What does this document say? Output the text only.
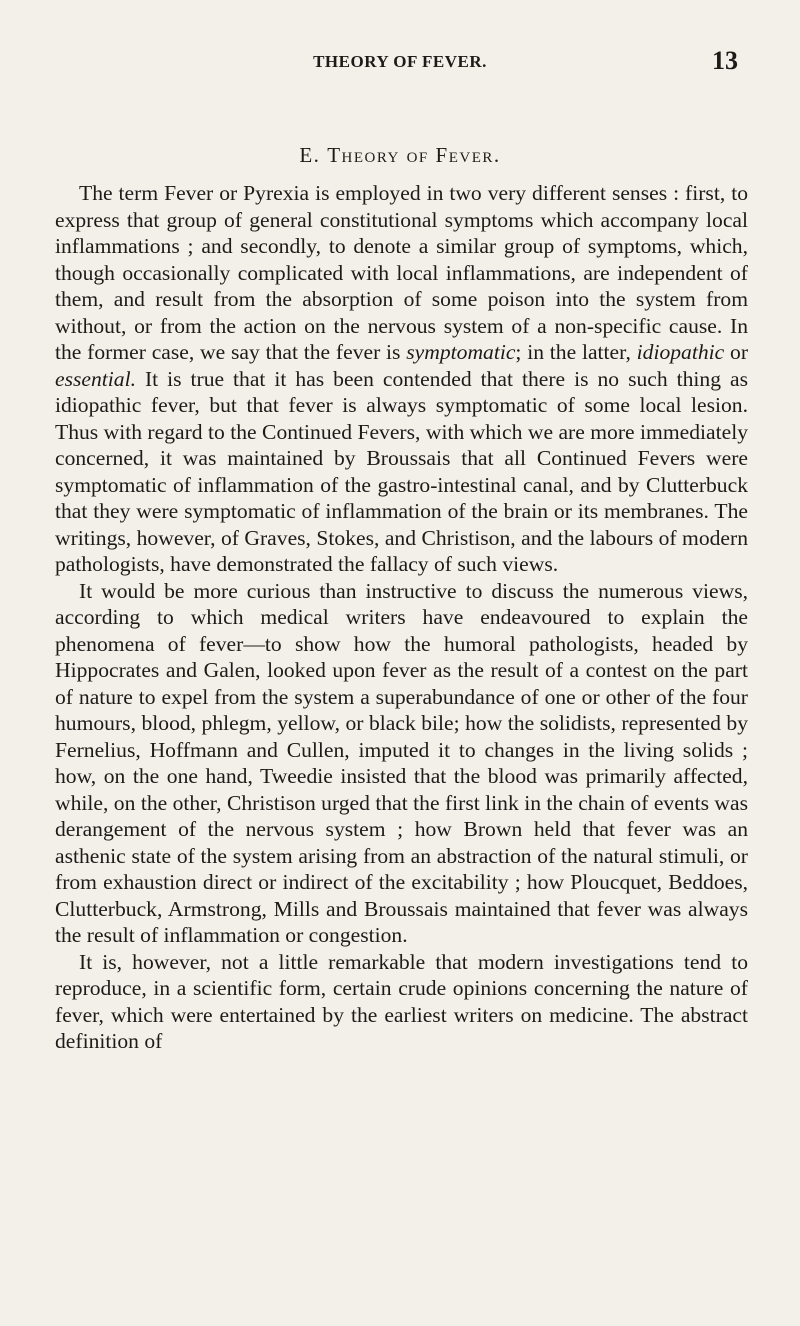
THEORY OF FEVER.	13
E. Theory of Fever.

The term Fever or Pyrexia is employed in two very different senses : first, to express that group of general constitutional symptoms which accompany local inflammations ; and secondly, to denote a similar group of symptoms, which, though occasionally complicated with local inflammations, are independent of them, and result from the absorption of some poison into the system from without, or from the action on the nervous system of a non-specific cause. In the former case, we say that the fever is symptomatic; in the latter, idiopathic or essential. It is true that it has been contended that there is no such thing as idiopathic fever, but that fever is always symptomatic of some local lesion. Thus with regard to the Continued Fevers, with which we are more immediately concerned, it was maintained by Broussais that all Continued Fevers were symptomatic of inflammation of the gastro-intestinal canal, and by Clutterbuck that they were symptomatic of inflammation of the brain or its membranes. The writings, however, of Graves, Stokes, and Christison, and the labours of modern pathologists, have demonstrated the fallacy of such views.

It would be more curious than instructive to discuss the numerous views, according to which medical writers have endeavoured to explain the phenomena of fever—to show how the humoral pathologists, headed by Hippocrates and Galen, looked upon fever as the result of a contest on the part of nature to expel from the system a superabundance of one or other of the four humours, blood, phlegm, yellow, or black bile; how the solidists, represented by Fernelius, Hoffmann and Cullen, imputed it to changes in the living solids ; how, on the one hand, Tweedie insisted that the blood was primarily affected, while, on the other, Christison urged that the first link in the chain of events was derangement of the nervous system ; how Brown held that fever was an asthenic state of the system arising from an abstraction of the natural stimuli, or from exhaustion direct or indirect of the excitability ; how Ploucquet, Beddoes, Clutterbuck, Armstrong, Mills and Broussais maintained that fever was always the result of inflammation or congestion.

It is, however, not a little remarkable that modern investigations tend to reproduce, in a scientific form, certain crude opinions concerning the nature of fever, which were entertained by the earliest writers on medicine. The abstract definition of
